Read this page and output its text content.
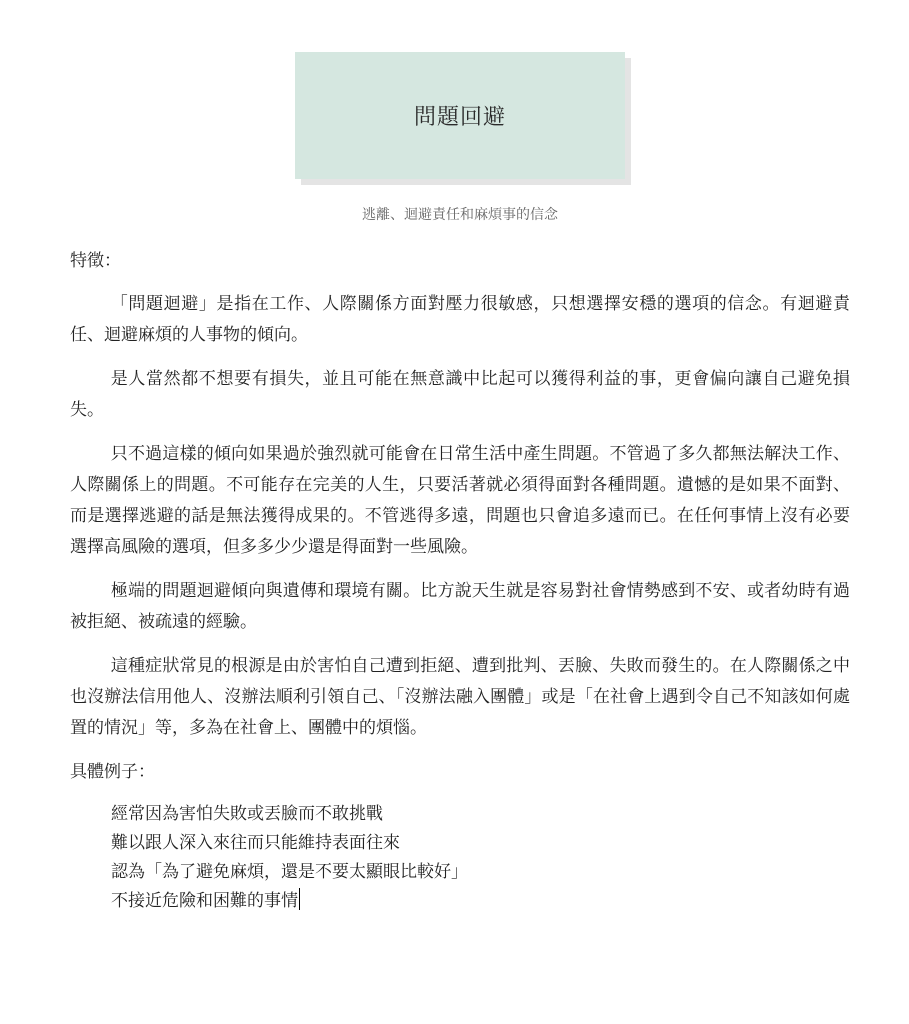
問題回避
逃離、迴避責任和麻煩事的信念
特徵：

「問題迴避」是指在工作、人際關係方面對壓力很敏感，只想選擇安穩的選項的信念。有迴避責任、迴避麻煩的人事物的傾向。

是人當然都不想要有損失，並且可能在無意識中比起可以獲得利益的事，更會偏向讓自己避免損失。

只不過這樣的傾向如果過於強烈就可能會在日常生活中產生問題。不管過了多久都無法解決工作、人際關係上的問題。不可能存在完美的人生，只要活著就必須得面對各種問題。遺憾的是如果不面對、而是選擇逃避的話是無法獲得成果的。不管逃得多遠，問題也只會追多遠而已。在任何事情上沒有必要選擇高風險的選項，但多多少少還是得面對一些風險。

極端的問題迴避傾向與遺傳和環境有關。比方說天生就是容易對社會情勢感到不安、或者幼時有過被拒絕、被疏遠的經驗。

這種症狀常見的根源是由於害怕自己遭到拒絕、遭到批判、丟臉、失敗而發生的。在人際關係之中也沒辦法信用他人、沒辦法順利引領自己、「沒辦法融入團體」或是「在社會上遇到令自己不知該如何處置的情況」等，多為在社會上、團體中的煩惱。

具體例子：
經常因為害怕失敗或丟臉而不敢挑戰
難以跟人深入來往而只能維持表面往來
認為「為了避免麻煩，還是不要太顯眼比較好」
不接近危險和困難的事情
